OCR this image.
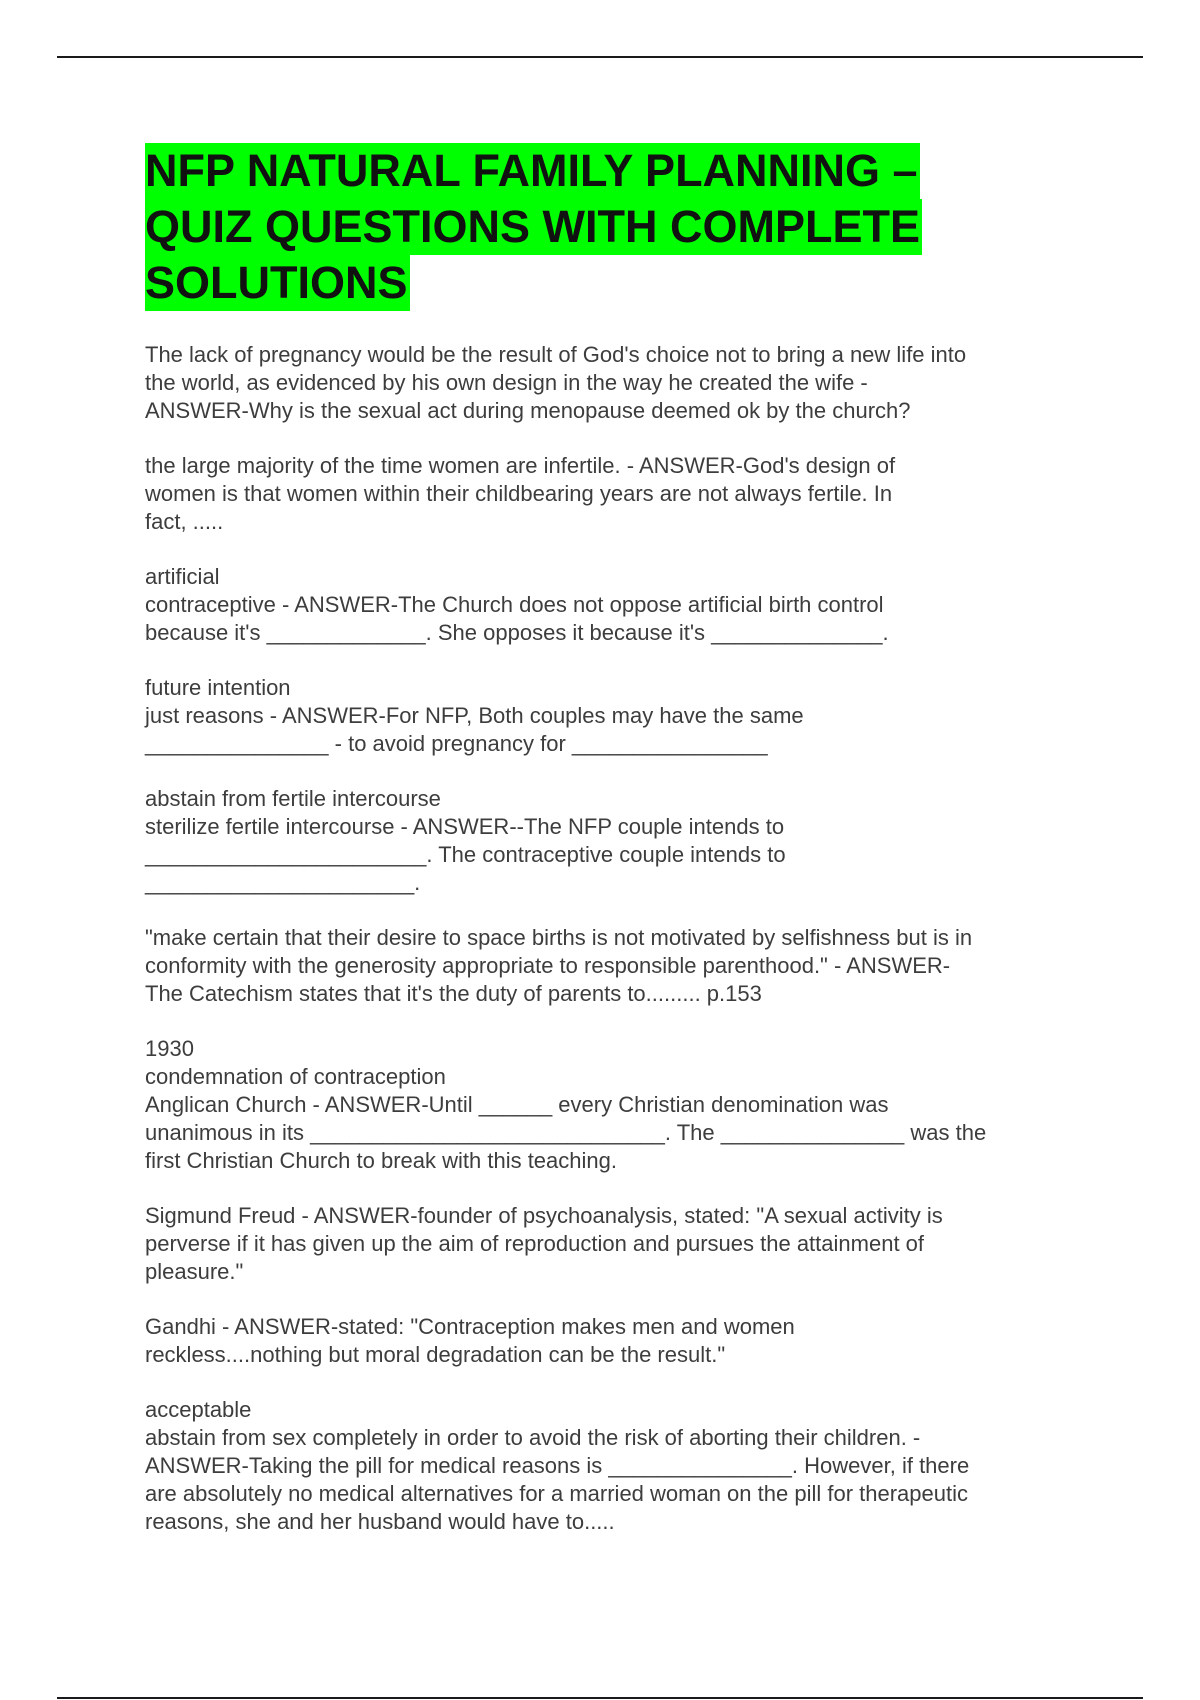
NFP NATURAL FAMILY PLANNING –
QUIZ QUESTIONS WITH COMPLETE
SOLUTIONS

The lack of pregnancy would be the result of God's choice not to bring a new life into
the world, as evidenced by his own design in the way he created the wife -
ANSWER-Why is the sexual act during menopause deemed ok by the church?

the large majority of the time women are infertile. - ANSWER-God's design of
women is that women within their childbearing years are not always fertile. In
fact, .....

artificial
contraceptive - ANSWER-The Church does not oppose artificial birth control
because it's _____________. She opposes it because it's ______________.

future intention
just reasons - ANSWER-For NFP, Both couples may have the same
_______________ - to avoid pregnancy for ________________

abstain from fertile intercourse
sterilize fertile intercourse - ANSWER--The NFP couple intends to
_______________________. The contraceptive couple intends to
______________________.

"make certain that their desire to space births is not motivated by selfishness but is in
conformity with the generosity appropriate to responsible parenthood." - ANSWER-
The Catechism states that it's the duty of parents to......... p.153

1930
condemnation of contraception
Anglican Church - ANSWER-Until ______ every Christian denomination was
unanimous in its _____________________________. The _______________ was the
first Christian Church to break with this teaching.

Sigmund Freud - ANSWER-founder of psychoanalysis, stated: "A sexual activity is
perverse if it has given up the aim of reproduction and pursues the attainment of
pleasure."

Gandhi - ANSWER-stated: "Contraception makes men and women
reckless....nothing but moral degradation can be the result."

acceptable
abstain from sex completely in order to avoid the risk of aborting their children. -
ANSWER-Taking the pill for medical reasons is _______________. However, if there
are absolutely no medical alternatives for a married woman on the pill for therapeutic
reasons, she and her husband would have to.....
